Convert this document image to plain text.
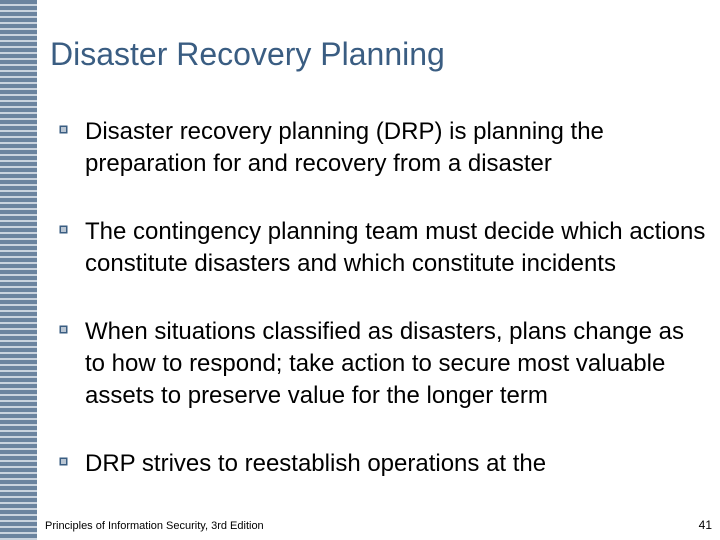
Disaster Recovery Planning
Disaster recovery planning (DRP) is planning the preparation for and recovery from a disaster
The contingency planning team must decide which actions constitute disasters and which constitute incidents
When situations classified as disasters, plans change as to how to respond; take action to secure most valuable assets to preserve value for the longer term
DRP strives to reestablish operations at the
Principles of Information Security, 3rd Edition	41
